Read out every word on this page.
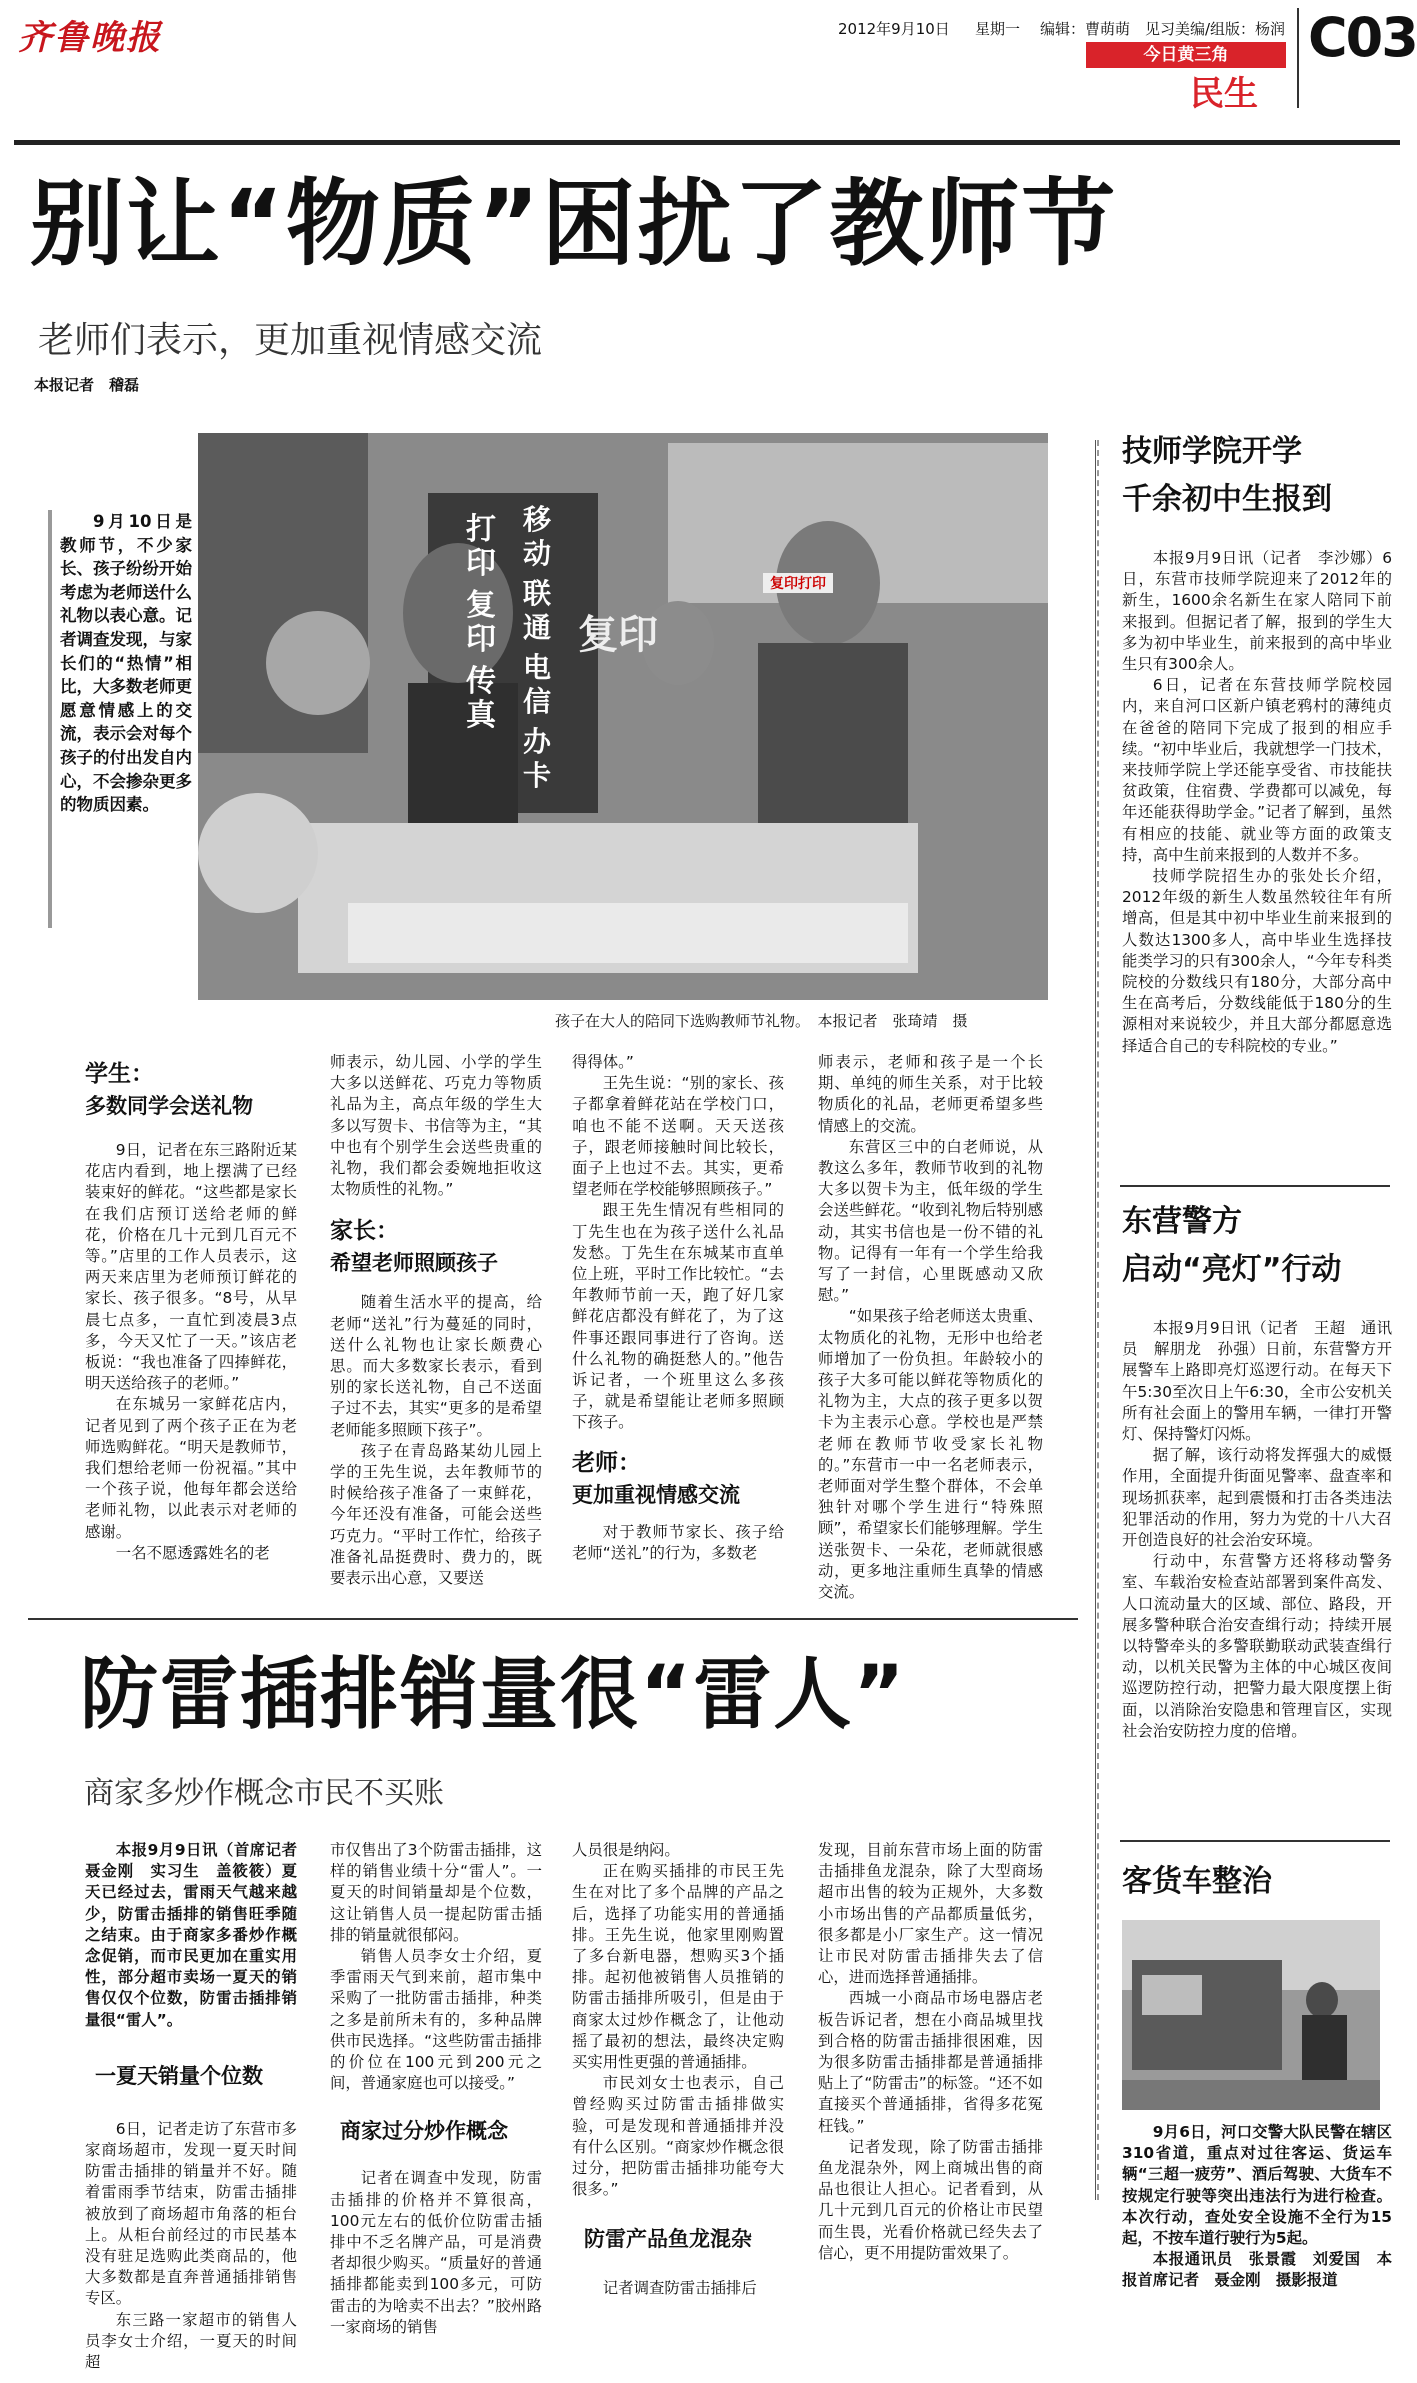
齐鲁晚报	2012年9月10日 星期一 编辑：曹萌萌　见习美编/组版：杨润
今日黄三角
民生
C03
别让“物质”困扰了教师节
老师们表示，更加重视情感交流
本报记者　稽磊
9月10日是教师节，不少家长、孩子纷纷开始考虑为老师送什么礼物以表心意。记者调查发现，与家长们的“热情”相比，大多数老师更愿意情感上的交流，表示会对每个孩子的付出发自内心，不会掺杂更多的物质因素。
打印
复印
传真
移动
联通
电信
办卡
复印
复印打印
孩子在大人的陪同下选购教师节礼物。　本报记者　张琦靖　摄
学生：
多数同学会送礼物

9日，记者在东三路附近某花店内看到，地上摆满了已经装束好的鲜花。“这些都是家长在我们店预订送给老师的鲜花，价格在几十元到几百元不等。”店里的工作人员表示，这两天来店里为老师预订鲜花的家长、孩子很多。“8号，从早晨七点多，一直忙到凌晨3点多，今天又忙了一天。”该店老板说：“我也准备了四捧鲜花，明天送给孩子的老师。”

在东城另一家鲜花店内，记者见到了两个孩子正在为老师选购鲜花。“明天是教师节，我们想给老师一份祝福。”其中一个孩子说，他每年都会送给老师礼物，以此表示对老师的感谢。

一名不愿透露姓名的老

师表示，幼儿园、小学的学生大多以送鲜花、巧克力等物质礼品为主，高点年级的学生大多以写贺卡、书信等为主，“其中也有个别学生会送些贵重的礼物，我们都会委婉地拒收这太物质性的礼物。”

家长：
希望老师照顾孩子

随着生活水平的提高，给老师“送礼”行为蔓延的同时，送什么礼物也让家长颇费心思。而大多数家长表示，看到别的家长送礼物，自己不送面子过不去，其实“更多的是希望老师能多照顾下孩子”。

孩子在青岛路某幼儿园上学的王先生说，去年教师节的时候给孩子准备了一束鲜花，今年还没有准备，可能会送些巧克力。“平时工作忙，给孩子准备礼品挺费时、费力的，既要表示出心意，又要送

得得体。”

王先生说：“别的家长、孩子都拿着鲜花站在学校门口，咱也不能不送啊。天天送孩子，跟老师接触时间比较长，面子上也过不去。其实，更希望老师在学校能够照顾孩子。”

跟王先生情况有些相同的丁先生也在为孩子送什么礼品发愁。丁先生在东城某市直单位上班，平时工作比较忙。“去年教师节前一天，跑了好几家鲜花店都没有鲜花了，为了这件事还跟同事进行了咨询。送什么礼物的确挺愁人的。”他告诉记者，一个班里这么多孩子，就是希望能让老师多照顾下孩子。

老师：
更加重视情感交流

对于教师节家长、孩子给老师“送礼”的行为，多数老

师表示，老师和孩子是一个长期、单纯的师生关系，对于比较物质化的礼品，老师更希望多些情感上的交流。

东营区三中的白老师说，从教这么多年，教师节收到的礼物大多以贺卡为主，低年级的学生会送些鲜花。“收到礼物后特别感动，其实书信也是一份不错的礼物。记得有一年有一个学生给我写了一封信，心里既感动又欣慰。”

“如果孩子给老师送太贵重、太物质化的礼物，无形中也给老师增加了一份负担。年龄较小的孩子大多可能以鲜花等物质化的礼物为主，大点的孩子更多以贺卡为主表示心意。学校也是严禁老师在教师节收受家长礼物的。”东营市一中一名老师表示，老师面对学生整个群体，不会单独针对哪个学生进行“特殊照顾”，希望家长们能够理解。学生送张贺卡、一朵花，老师就很感动，更多地注重师生真挚的情感交流。

技师学院开学
千余初中生报到

本报9月9日讯（记者　李沙娜）6日，东营市技师学院迎来了2012年的新生，1600余名新生在家人陪同下前来报到。但据记者了解，报到的学生大多为初中毕业生，前来报到的高中毕业生只有300余人。

6日，记者在东营技师学院校园内，来自河口区新户镇老鸦村的薄纯贞在爸爸的陪同下完成了报到的相应手续。“初中毕业后，我就想学一门技术，来技师学院上学还能享受省、市技能扶贫政策，住宿费、学费都可以减免，每年还能获得助学金。”记者了解到，虽然有相应的技能、就业等方面的政策支持，高中生前来报到的人数并不多。

技师学院招生办的张处长介绍，2012年级的新生人数虽然较往年有所增高，但是其中初中毕业生前来报到的人数达1300多人，高中毕业生选择技能类学习的只有300余人，“今年专科类院校的分数线只有180分，大部分高中生在高考后，分数线能低于180分的生源相对来说较少，并且大部分都愿意选择适合自己的专科院校的专业。”

东营警方
启动“亮灯”行动

本报9月9日讯（记者　王超　通讯员　解朋龙　孙强）日前，东营警方开展警车上路即亮灯巡逻行动。在每天下午5:30至次日上午6:30，全市公安机关所有社会面上的警用车辆，一律打开警灯、保持警灯闪烁。

据了解，该行动将发挥强大的威慑作用，全面提升街面见警率、盘查率和现场抓获率，起到震慑和打击各类违法犯罪活动的作用，努力为党的十八大召开创造良好的社会治安环境。

行动中，东营警方还将移动警务室、车载治安检查站部署到案件高发、人口流动量大的区域、部位、路段，开展多警种联合治安查缉行动；持续开展以特警牵头的多警联勤联动武装查缉行动，以机关民警为主体的中心城区夜间巡逻防控行动，把警力最大限度摆上街面，以消除治安隐患和管理盲区，实现社会治安防控力度的倍增。

客货车整治

9月6日，河口交警大队民警在辖区310省道，重点对过往客运、货运车辆“三超一疲劳”、酒后驾驶、大货车不按规定行驶等突出违法行为进行检查。本次行动，查处安全设施不全行为15起，不按车道行驶行为5起。

本报通讯员　张景霞　刘爱国　本报首席记者　聂金刚　摄影报道

防雷插排销量很“雷人”
商家多炒作概念市民不买账

本报9月9日讯（首席记者　聂金刚　实习生　盖筱筱）夏天已经过去，雷雨天气越来越少，防雷击插排的销售旺季随之结束。由于商家多番炒作概念促销，而市民更加在重实用性，部分超市卖场一夏天的销售仅仅个位数，防雷击插排销量很“雷人”。

一夏天销量个位数

6日，记者走访了东营市多家商场超市，发现一夏天时间防雷击插排的销量并不好。随着雷雨季节结束，防雷击插排被放到了商场超市角落的柜台上。从柜台前经过的市民基本没有驻足选购此类商品的，他大多数都是直奔普通插排销售专区。

东三路一家超市的销售人员李女士介绍，一夏天的时间超

市仅售出了3个防雷击插排，这样的销售业绩十分“雷人”。一夏天的时间销量却是个位数，这让销售人员一提起防雷击插排的销量就很郁闷。

销售人员李女士介绍，夏季雷雨天气到来前，超市集中采购了一批防雷击插排，种类之多是前所未有的，多种品牌供市民选择。“这些防雷击插排的价位在100元到200元之间，普通家庭也可以接受。”

商家过分炒作概念

记者在调查中发现，防雷击插排的价格并不算很高，100元左右的低价位防雷击插排中不乏名牌产品，可是消费者却很少购买。“质量好的普通插排都能卖到100多元，可防雷击的为啥卖不出去？”胶州路一家商场的销售

人员很是纳闷。

正在购买插排的市民王先生在对比了多个品牌的产品之后，选择了功能实用的普通插排。王先生说，他家里刚购置了多台新电器，想购买3个插排。起初他被销售人员推销的防雷击插排所吸引，但是由于商家太过炒作概念了，让他动摇了最初的想法，最终决定购买实用性更强的普通插排。

市民刘女士也表示，自己曾经购买过防雷击插排做实验，可是发现和普通插排并没有什么区别。“商家炒作概念很过分，把防雷击插排功能夸大很多。”

防雷产品鱼龙混杂

记者调查防雷击插排后

发现，目前东营市场上面的防雷击插排鱼龙混杂，除了大型商场超市出售的较为正规外，大多数小市场出售的产品都质量低劣，很多都是小厂家生产。这一情况让市民对防雷击插排失去了信心，进而选择普通插排。

西城一小商品市场电器店老板告诉记者，想在小商品城里找到合格的防雷击插排很困难，因为很多防雷击插排都是普通插排贴上了“防雷击”的标签。“还不如直接买个普通插排，省得多花冤枉钱。”

记者发现，除了防雷击插排鱼龙混杂外，网上商城出售的商品也很让人担心。记者看到，从几十元到几百元的价格让市民望而生畏，光看价格就已经失去了信心，更不用提防雷效果了。
